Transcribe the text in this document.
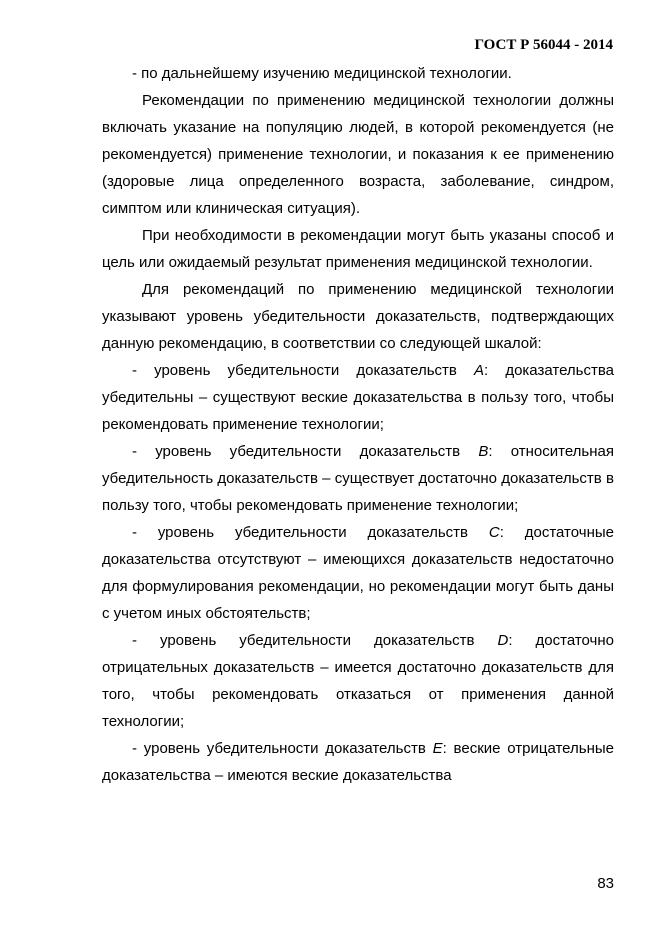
ГОСТ Р 56044 - 2014

- по дальнейшему изучению медицинской технологии.

Рекомендации по применению медицинской технологии должны включать указание на популяцию людей, в которой рекомендуется (не рекомендуется) применение технологии, и показания к ее применению (здоровые лица определенного возраста, заболевание, синдром, симптом или клиническая ситуация).

При необходимости в рекомендации могут быть указаны способ и цель или ожидаемый результат применения медицинской технологии.

Для рекомендаций по применению медицинской технологии указывают уровень убедительности доказательств, подтверждающих данную рекомендацию, в соответствии со следующей шкалой:

- уровень убедительности доказательств A: доказательства убедительны – существуют веские доказательства в пользу того, чтобы рекомендовать применение технологии;

- уровень убедительности доказательств B: относительная убедительность доказательств – существует достаточно доказательств в пользу того, чтобы рекомендовать применение технологии;

- уровень убедительности доказательств C: достаточные доказательства отсутствуют – имеющихся доказательств недостаточно для формулирования рекомендации, но рекомендации могут быть даны с учетом иных обстоятельств;

- уровень убедительности доказательств D: достаточно отрицательных доказательств – имеется достаточно доказательств для того, чтобы рекомендовать отказаться от применения данной технологии;

- уровень убедительности доказательств E: веские отрицательные доказательства – имеются веские доказательства

83
